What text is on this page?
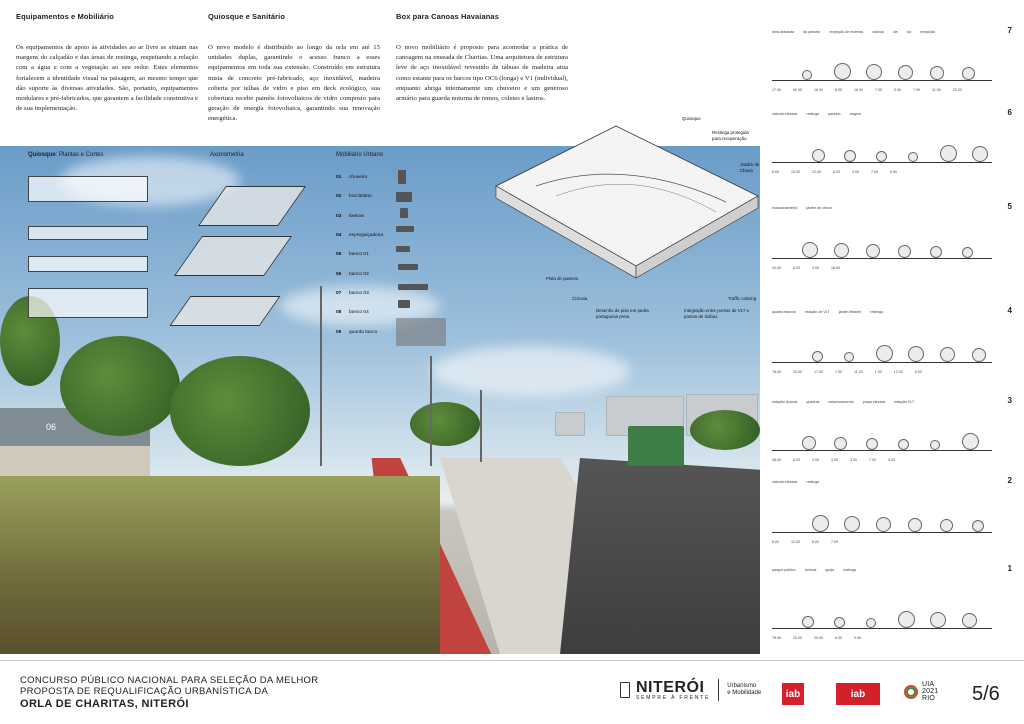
Equipamentos e Mobiliário

Os equipamentos de apoio às atividades ao ar livre se situam nas margens do calçadão e das áreas de restinga, respeitando a relação com a água e com a vegetação ao seu redor. Estes elementos fortalecem a identidade visual na paisagem, ao mesmo tempo que dão suporte às diversas atividades. São, portanto, equipamentos modulares e pré-fabricados, que garantem a facilidade construtiva e de sua implementação.

Quiosque e Sanitário

O novo modelo é distribuído ao longo da orla em até 15 unidades duplas, garantindo o acesso franco a esses equipamentos em toda sua extensão. Construído em estrutura mista de concreto pré-fabricado, aço inoxidável, madeira coberta por telhas de vidro e piso em deck ecológico, sua cobertura recebe painéis fotovoltaicos de vidro composto para geração de energia fotovoltaica, garantindo sua renovação energética.

Box para Canoas Havaianas

O novo mobiliário é proposto para acomodar a prática de canoagem na enseada de Charitas. Uma arquitetura de estrutura leve de aço inoxidável revestido de tábuas de madeira atua como estante para os barcos tipo OC6 (longa) e V1 (individual), enquanto abriga internamente um chuveiro e um generoso armário para guarda noturna de remos, coletes e lastros.

06
Quiosque: Plantas e Cortes	Axonometria	Mobiliário Urbano
01	chuveiro
02	bicicletário
03	lixeiras
04	espreguiçadeira
05	banco 01
06	banco 02
07	banco 03
08	banco 04
09	guarda barco
Quiosque
Restinga protegida para recuperação
Jardim de Chuva
Pista de passeio
Ciclovia
Desenho de piso em pedra portuguesa preta
Integração entre pontos de VLT e pontos de ônibus
Traffic calming
7
área afastada	da passeio	recepção de muretas	ciclovia	via	via	recepção
17.00	60.00	16.00	6.00	16.00	7.00	3.00	7.00	11.00	22.00
6
ciclovia elevada	restinga	passeio	viagem
6.00	10.00	12.00	6.00	3.00	7.00	6.00
5
estacionamento	jardim de chuva
20.00	6.00	3.00	16.00
4
quadra bancos	estação de VLT	jardim filtrante	restinga
76.00	10.00	17.00	7.00	11.00	1.00	12.00	6.00
3
estação ciclovia	quadras	estacionamento	praça elevada	estação VLT
48.00	6.00	2.00	3.00	3.00	7.00	4.00
2
ciclovia elevada	restinga
6.00	12.00	6.00	7.00
1
parque público	ciclovia	igreja	restinga
76.00	20.00	20.00	6.00	3.00
CONCURSO PÚBLICO NACIONAL PARA SELEÇÃO DA MELHOR
PROPOSTA DE REQUALIFICAÇÃO URBANÍSTICA DA
ORLA DE CHARITAS, NITERÓI
NITERÓI
SEMPRE À FRENTE
Urbanismo
e Mobilidade	iab	iab
UIA
2021
RIO 5/6
